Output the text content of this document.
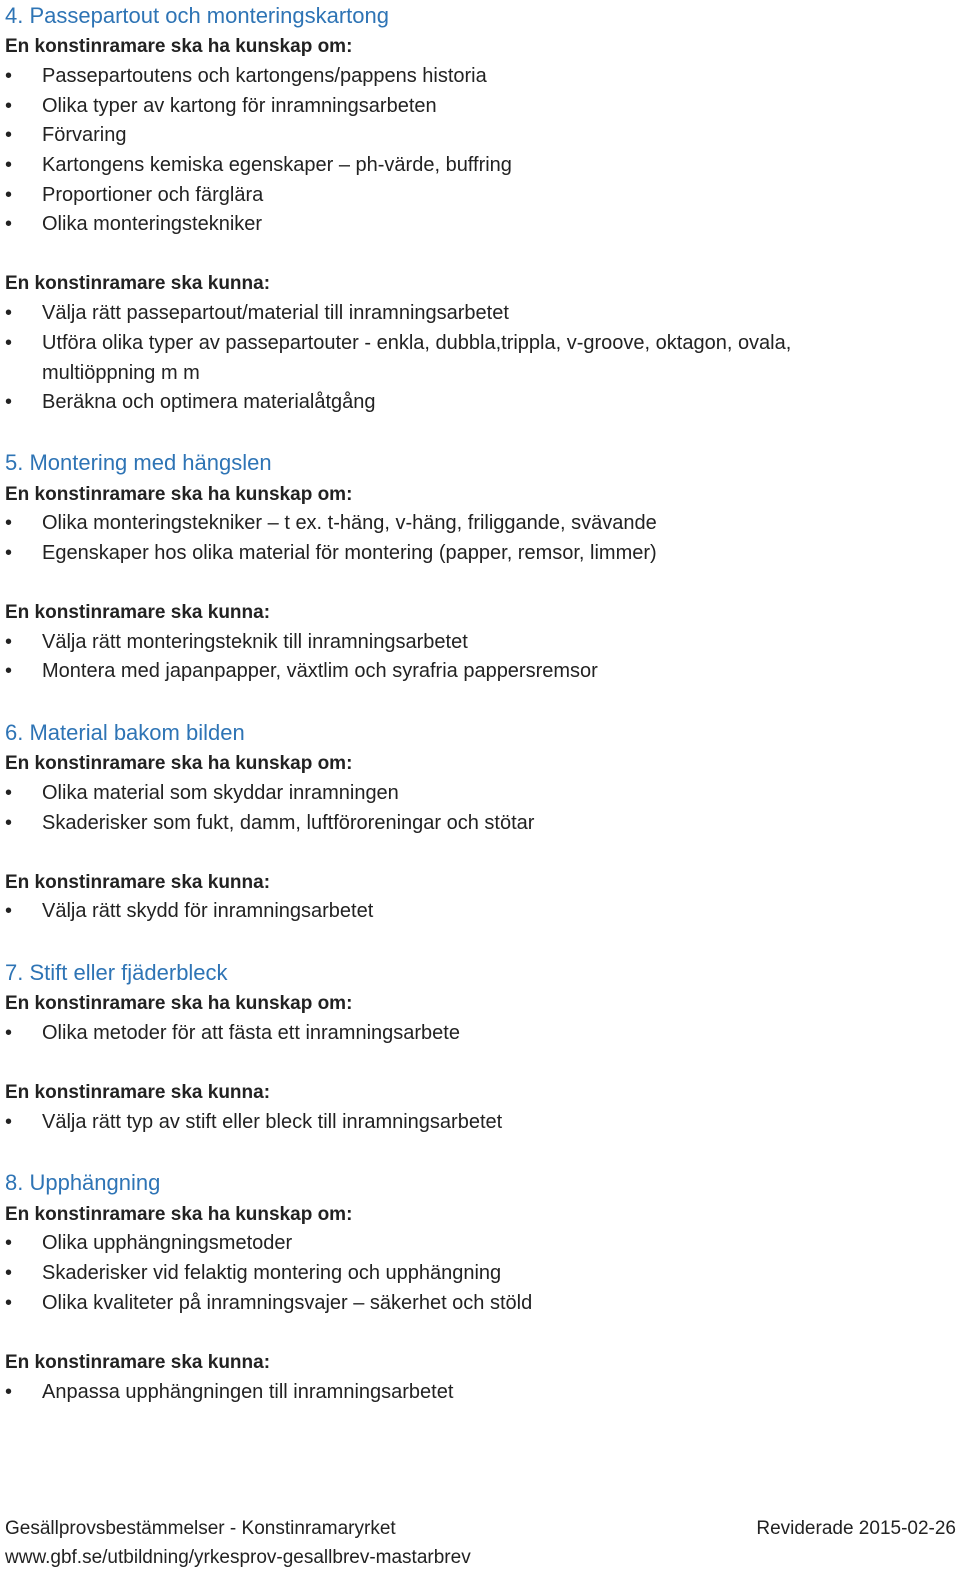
4. Passepartout och monteringskartong
En konstinramare ska ha kunskap om:
• Passepartoutens och kartongens/pappens historia
• Olika typer av kartong för inramningsarbeten
• Förvaring
• Kartongens kemiska egenskaper – ph-värde, buffring
• Proportioner och färglära
• Olika monteringstekniker
En konstinramare ska kunna:
• Välja rätt passepartout/material till inramningsarbetet
• Utföra olika typer av passepartouter - enkla, dubbla,trippla, v-groove, oktagon, ovala, multiöppning m m
• Beräkna och optimera materialåtgång
5. Montering med hängslen
En konstinramare ska ha kunskap om:
• Olika monteringstekniker – t ex. t-häng, v-häng, friliggande, svävande
• Egenskaper hos olika material för montering (papper, remsor, limmer)
En konstinramare ska kunna:
• Välja rätt monteringsteknik till inramningsarbetet
• Montera med japanpapper, växtlim och syrafria pappersremsor
6. Material bakom bilden
En konstinramare ska ha kunskap om:
• Olika material som skyddar inramningen
• Skaderisker som fukt, damm, luftföroreningar och stötar
En konstinramare ska kunna:
• Välja rätt skydd för inramningsarbetet
7. Stift eller fjäderbleck
En konstinramare ska ha kunskap om:
• Olika metoder för att fästa ett inramningsarbete
En konstinramare ska kunna:
• Välja rätt typ av stift eller bleck till inramningsarbetet
8. Upphängning
En konstinramare ska ha kunskap om:
• Olika upphängningsmetoder
• Skaderisker vid felaktig montering och upphängning
• Olika kvaliteter på inramningsvajer – säkerhet och stöld
En konstinramare ska kunna:
• Anpassa upphängningen till inramningsarbetet
Gesällprovsbestämmelser - Konstinramaryrket	Reviderade 2015-02-26
www.gbf.se/utbildning/yrkesprov-gesallbrev-mastarbrev
